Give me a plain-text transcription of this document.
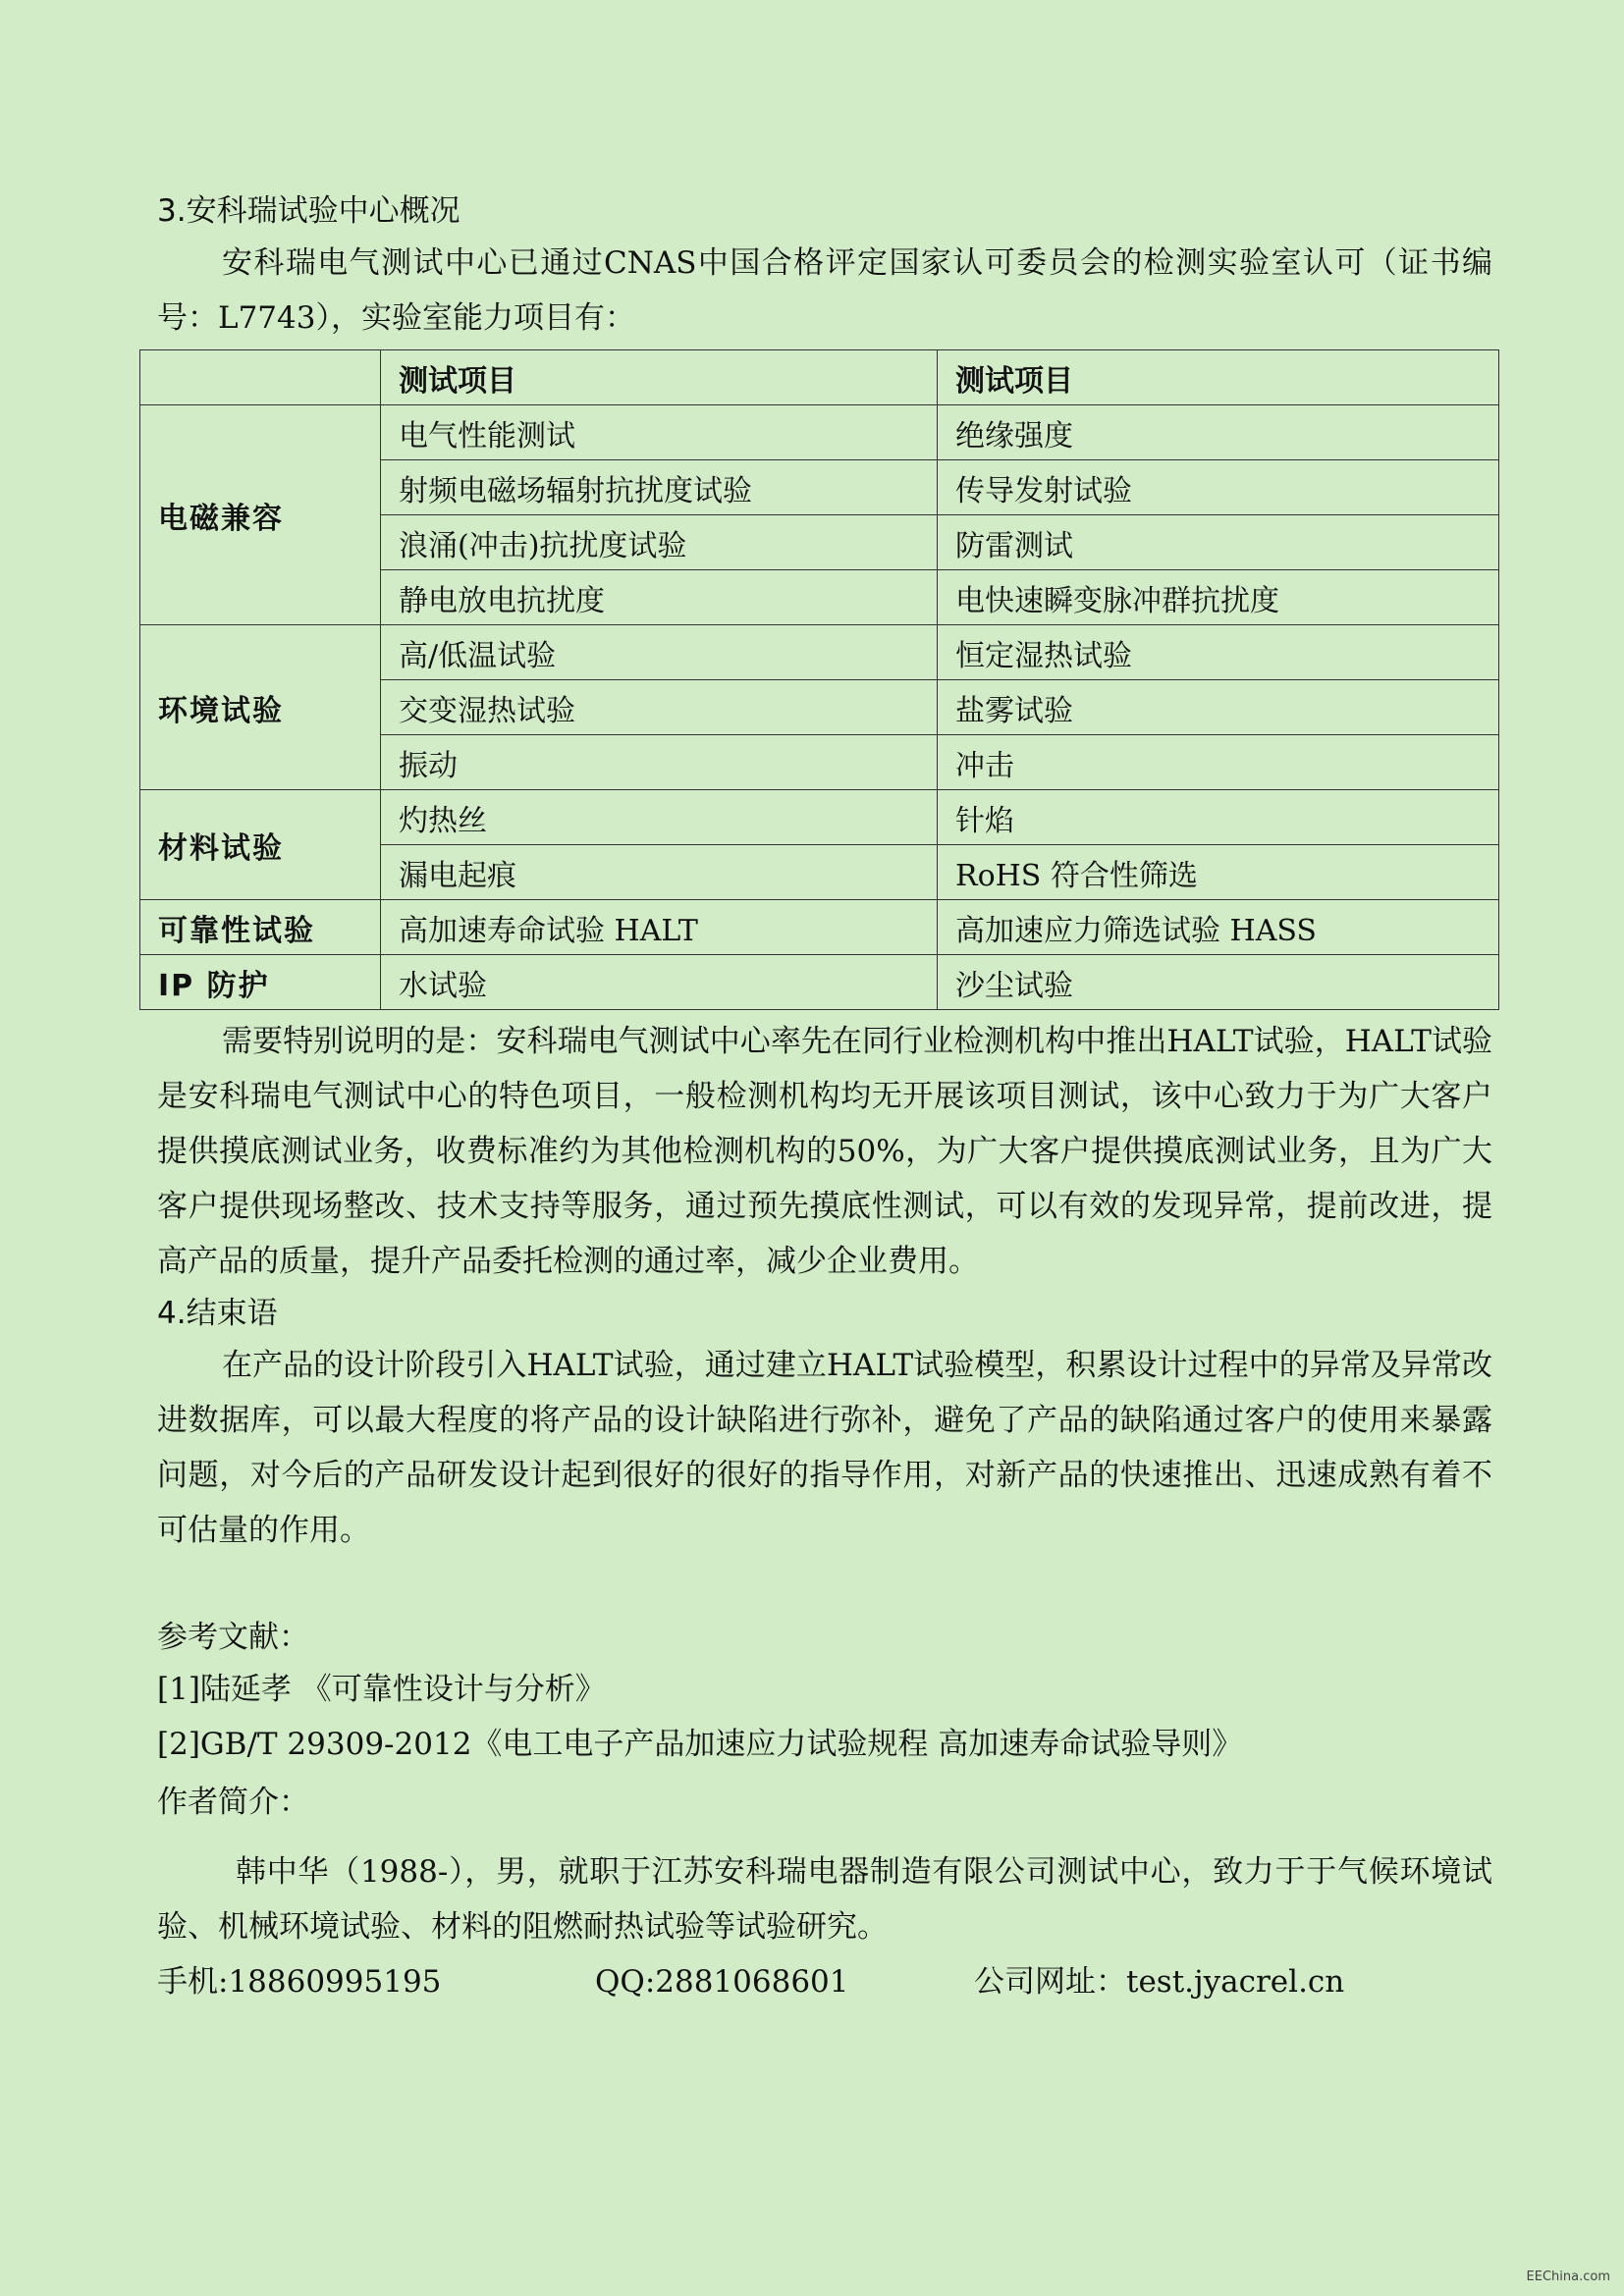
3.安科瑞试验中心概况

安科瑞电气测试中心已通过CNAS中国合格评定国家认可委员会的检测实验室认可（证书编号：L7743），实验室能力项目有：

	测试项目	测试项目
电磁兼容	电气性能测试	绝缘强度
	射频电磁场辐射抗扰度试验	传导发射试验
	浪涌(冲击)抗扰度试验	防雷测试
	静电放电抗扰度	电快速瞬变脉冲群抗扰度
环境试验	高/低温试验	恒定湿热试验
	交变湿热试验	盐雾试验
	振动	冲击
材料试验	灼热丝	针焰
	漏电起痕	RoHS 符合性筛选
可靠性试验	高加速寿命试验 HALT	高加速应力筛选试验 HASS
IP 防护	水试验	沙尘试验

需要特别说明的是：安科瑞电气测试中心率先在同行业检测机构中推出HALT试验，HALT试验是安科瑞电气测试中心的特色项目，一般检测机构均无开展该项目测试，该中心致力于为广大客户提供摸底测试业务，收费标准约为其他检测机构的50%，为广大客户提供摸底测试业务，且为广大客户提供现场整改、技术支持等服务，通过预先摸底性测试，可以有效的发现异常，提前改进，提高产品的质量，提升产品委托检测的通过率，减少企业费用。

4.结束语

在产品的设计阶段引入HALT试验，通过建立HALT试验模型，积累设计过程中的异常及异常改进数据库，可以最大程度的将产品的设计缺陷进行弥补，避免了产品的缺陷通过客户的使用来暴露问题，对今后的产品研发设计起到很好的很好的指导作用，对新产品的快速推出、迅速成熟有着不可估量的作用。

参考文献：

[1]陆延孝 《可靠性设计与分析》

[2]GB/T 29309-2012《电工电子产品加速应力试验规程 高加速寿命试验导则》

作者简介：

韩中华（1988-），男，就职于江苏安科瑞电器制造有限公司测试中心，致力于于气候环境试验、机械环境试验、材料的阻燃耐热试验等试验研究。

手机:18860995195	QQ:2881068601	公司网址：test.jyacrel.cn
EEChina.com
